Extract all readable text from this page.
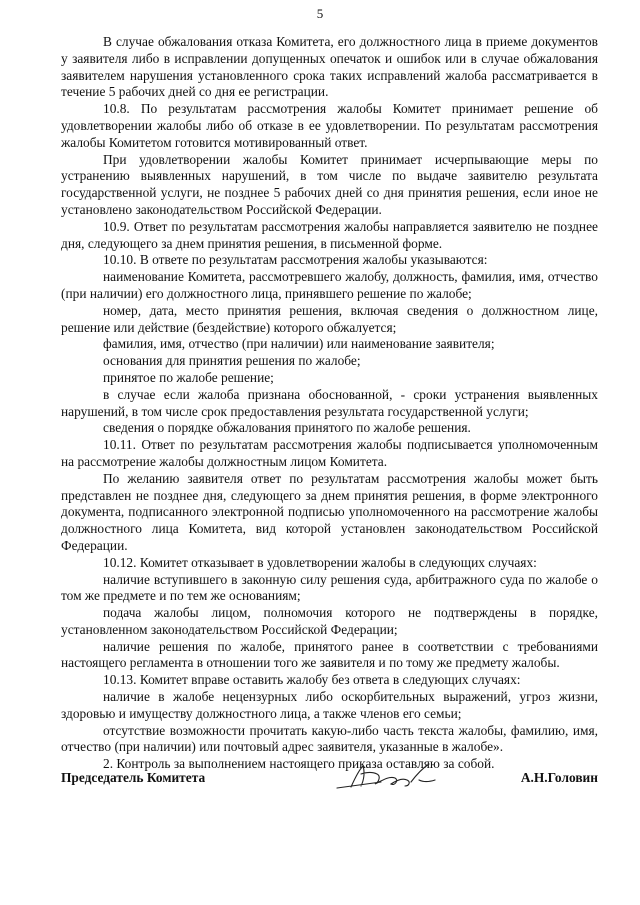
5

В случае обжалования отказа Комитета, его должностного лица в приеме документов у заявителя либо в исправлении допущенных опечаток и ошибок или в случае обжалования заявителем нарушения установленного срока таких исправлений жалоба рассматривается в течение 5 рабочих дней со дня ее регистрации.

10.8. По результатам рассмотрения жалобы Комитет принимает решение об удовлетворении жалобы либо об отказе в ее удовлетворении. По результатам рассмотрения жалобы Комитетом готовится мотивированный ответ.

При удовлетворении жалобы Комитет принимает исчерпывающие меры по устранению выявленных нарушений, в том числе по выдаче заявителю результата государственной услуги, не позднее 5 рабочих дней со дня принятия решения, если иное не установлено законодательством Российской Федерации.

10.9. Ответ по результатам рассмотрения жалобы направляется заявителю не позднее дня, следующего за днем принятия решения, в письменной форме.

10.10. В ответе по результатам рассмотрения жалобы указываются:

наименование Комитета, рассмотревшего жалобу, должность, фамилия, имя, отчество (при наличии) его должностного лица, принявшего решение по жалобе;

номер, дата, место принятия решения, включая сведения о должностном лице, решение или действие (бездействие) которого обжалуется;

фамилия, имя, отчество (при наличии) или наименование заявителя;

основания для принятия решения по жалобе;

принятое по жалобе решение;

в случае если жалоба признана обоснованной, - сроки устранения выявленных нарушений, в том числе срок предоставления результата государственной услуги;

сведения о порядке обжалования принятого по жалобе решения.

10.11. Ответ по результатам рассмотрения жалобы подписывается уполномоченным на рассмотрение жалобы должностным лицом Комитета.

По желанию заявителя ответ по результатам рассмотрения жалобы может быть представлен не позднее дня, следующего за днем принятия решения, в форме электронного документа, подписанного электронной подписью уполномоченного на рассмотрение жалобы должностного лица Комитета, вид которой установлен законодательством Российской Федерации.

10.12. Комитет отказывает в удовлетворении жалобы в следующих случаях:

наличие вступившего в законную силу решения суда, арбитражного суда по жалобе о том же предмете и по тем же основаниям;

подача жалобы лицом, полномочия которого не подтверждены в порядке, установленном законодательством Российской Федерации;

наличие решения по жалобе, принятого ранее в соответствии с требованиями настоящего регламента в отношении того же заявителя и по тому же предмету жалобы.

10.13. Комитет вправе оставить жалобу без ответа в следующих случаях:

наличие в жалобе нецензурных либо оскорбительных выражений, угроз жизни, здоровью и имуществу должностного лица, а также членов его семьи;

отсутствие возможности прочитать какую-либо часть текста жалобы, фамилию, имя, отчество (при наличии) или почтовый адрес заявителя, указанные в жалобе».

2. Контроль за выполнением настоящего приказа оставляю за собой.

Председатель Комитета	А.Н.Головин
